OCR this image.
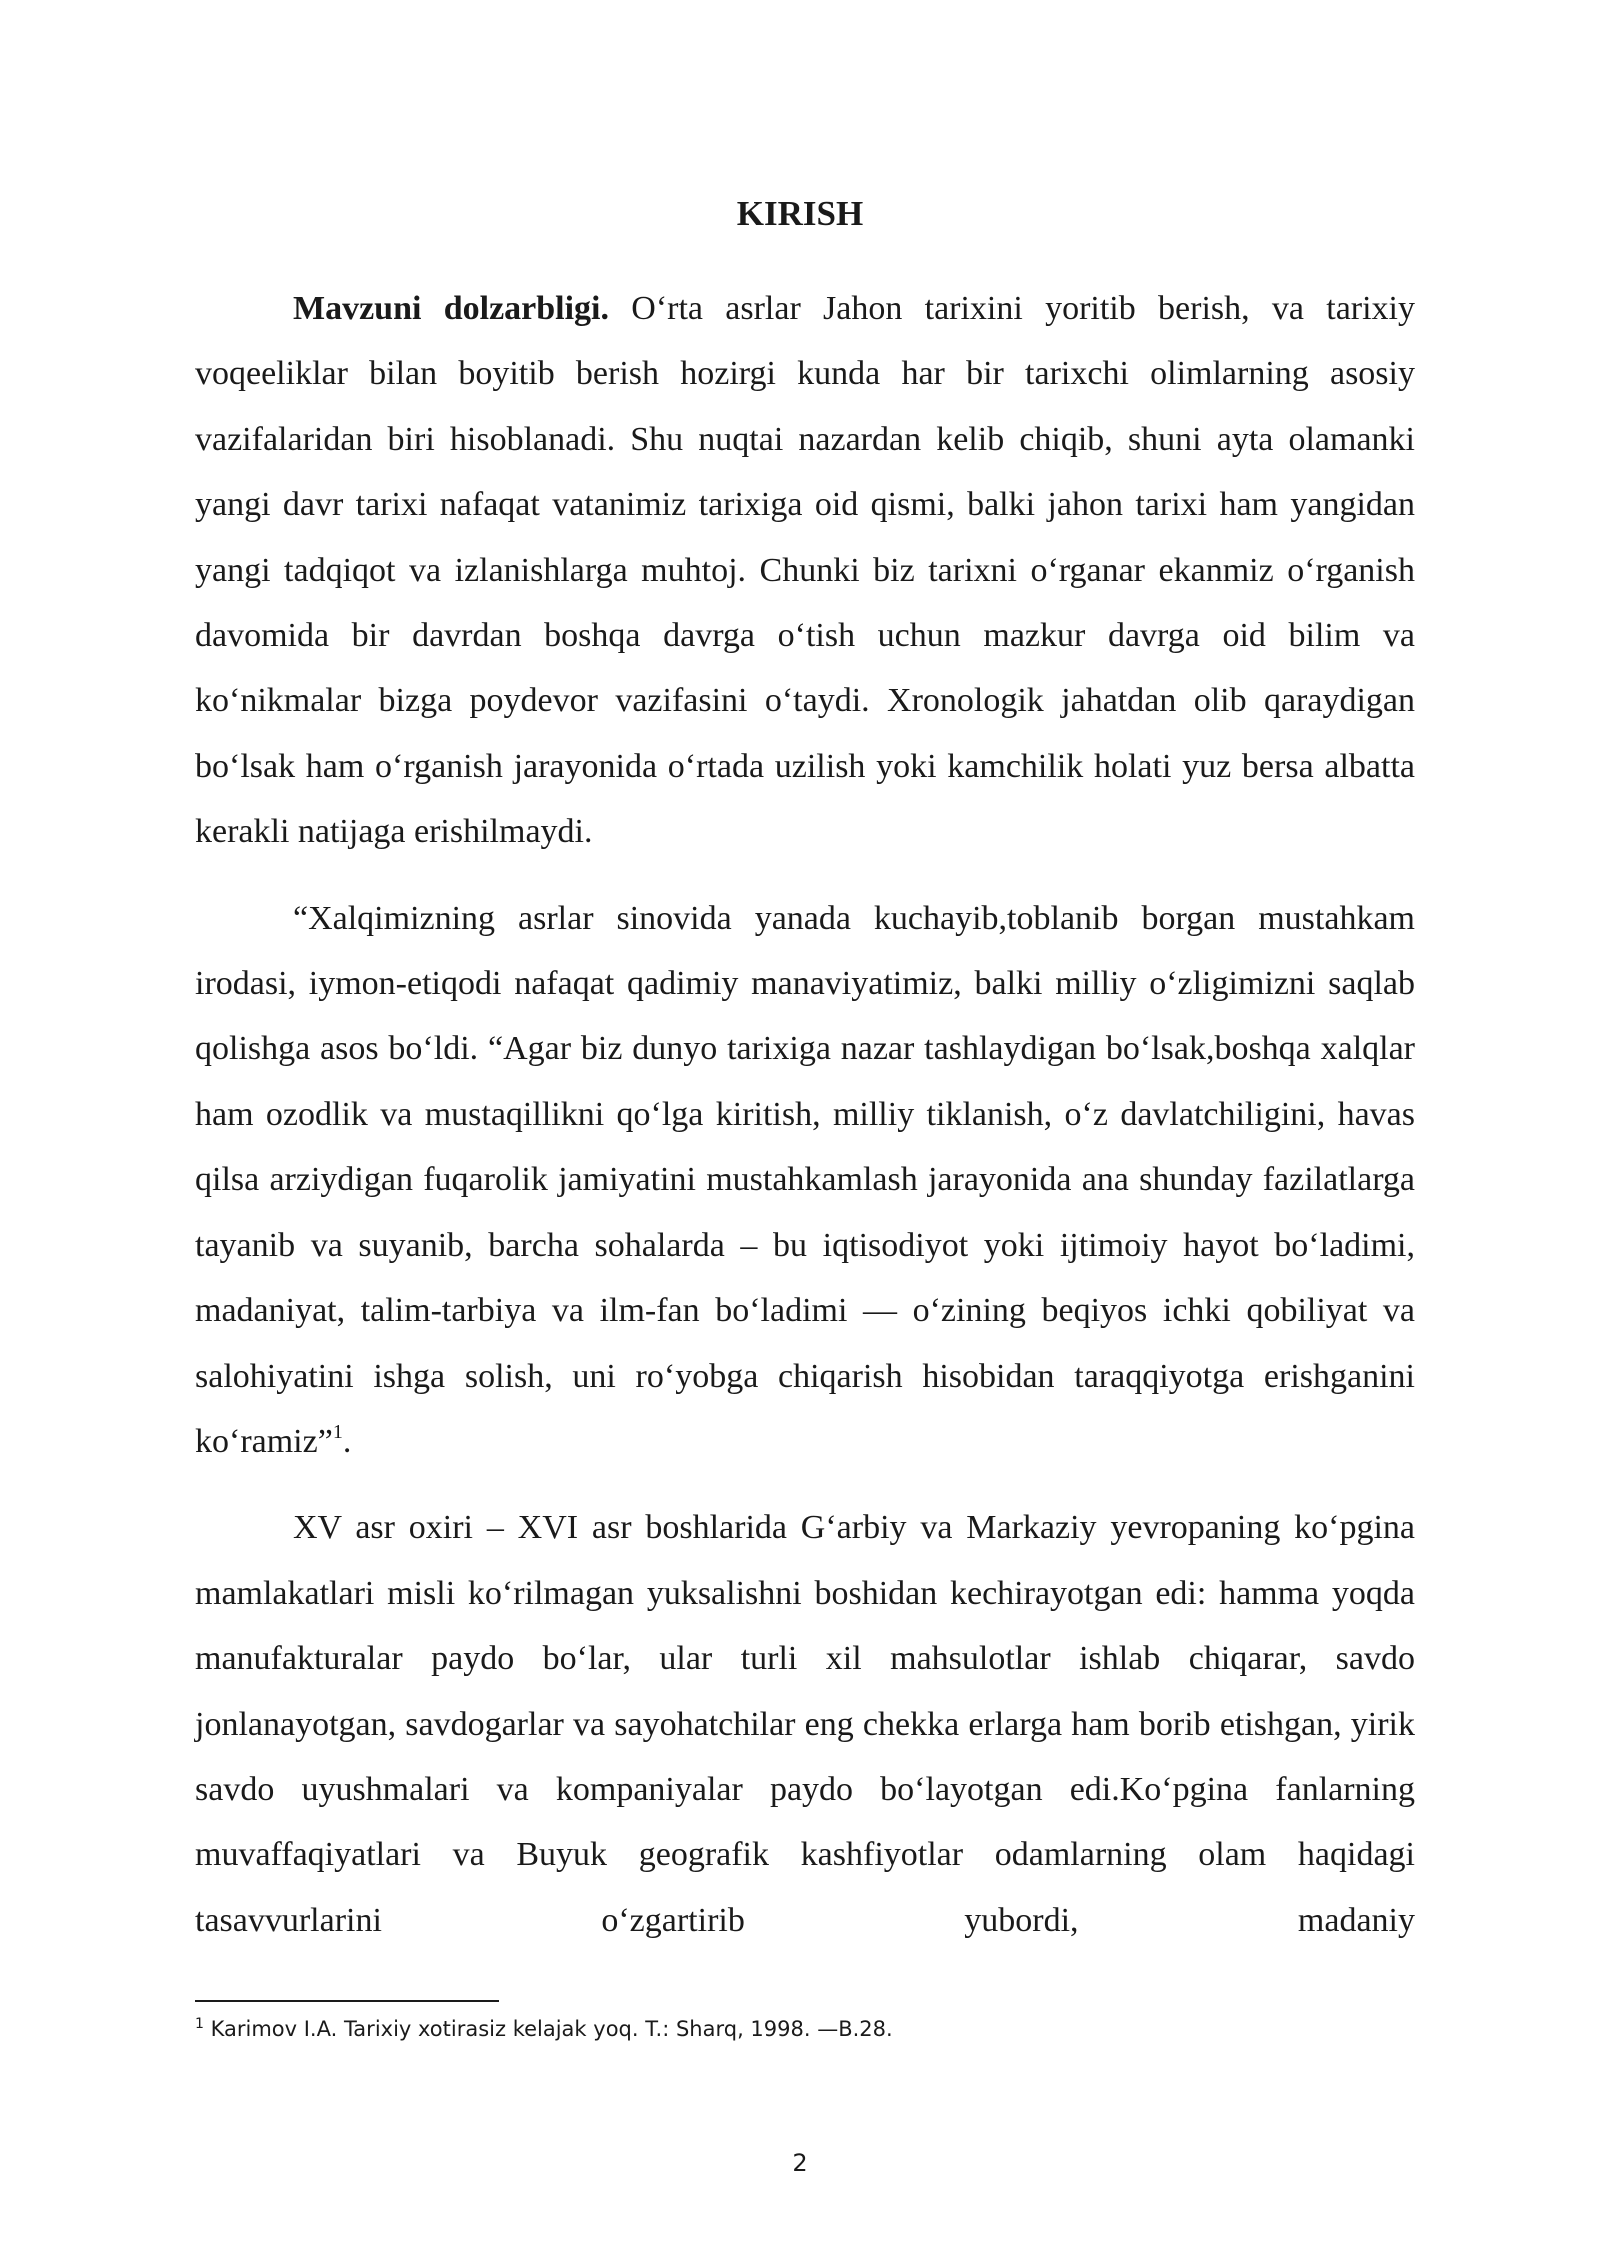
KIRISH

Mavzuni dolzarbligi. O‘rta asrlar Jahon tarixini yoritib berish, va tarixiy voqeeliklar bilan boyitib berish hozirgi kunda har bir tarixchi olimlarning asosiy vazifalaridan biri hisoblanadi. Shu nuqtai nazardan kelib chiqib, shuni ayta olamanki yangi davr tarixi nafaqat vatanimiz tarixiga oid qismi, balki jahon tarixi ham yangidan yangi tadqiqot va izlanishlarga muhtoj. Chunki biz tarixni o‘rganar ekanmiz o‘rganish davomida bir davrdan boshqa davrga o‘tish uchun mazkur davrga oid bilim va ko‘nikmalar bizga poydevor vazifasini o‘taydi. Xronologik jahatdan olib qaraydigan bo‘lsak ham o‘rganish jarayonida o‘rtada uzilish yoki kamchilik holati yuz bersa albatta kerakli natijaga erishilmaydi.

“Xalqimizning asrlar sinovida yanada kuchayib,toblanib borgan mustahkam irodasi, iymon-etiqodi nafaqat qadimiy manaviyatimiz, balki milliy o‘zligimizni saqlab qolishga asos bo‘ldi. “Agar biz dunyo tarixiga nazar tashlaydigan bo‘lsak,boshqa xalqlar ham ozodlik va mustaqillikni qo‘lga kiritish, milliy tiklanish, o‘z davlatchiligini, havas qilsa arziydigan fuqarolik jamiyatini mustahkamlash jarayonida ana shunday fazilatlarga tayanib va suyanib, barcha sohalarda – bu iqtisodiyot yoki ijtimoiy hayot bo‘ladimi, madaniyat, talim-tarbiya va ilm-fan bo‘ladimi — o‘zining beqiyos ichki qobiliyat va salohiyatini ishga solish, uni ro‘yobga chiqarish hisobidan taraqqiyotga erishganini ko‘ramiz”$^1$.

XV asr oxiri – XVI asr boshlarida G‘arbiy va Markaziy yevropaning ko‘pgina mamlakatlari misli ko‘rilmagan yuksalishni boshidan kechirayotgan edi: hamma yoqda manufakturalar paydo bo‘lar, ular turli xil mahsulotlar ishlab chiqarar, savdo jonlanayotgan, savdogarlar va sayohatchilar eng chekka erlarga ham borib etishgan, yirik savdo uyushmalari va kompaniyalar paydo bo‘layotgan edi.Ko‘pgina fanlarning muvaffaqiyatlari va Buyuk geografik kashfiyotlar odamlarning olam haqidagi tasavvurlarini o‘zgartirib yubordi, madaniy

$^1$ Karimov I.A. Tarixiy xotirasiz kelajak yoq. T.: Sharq, 1998. —B.28.

2
